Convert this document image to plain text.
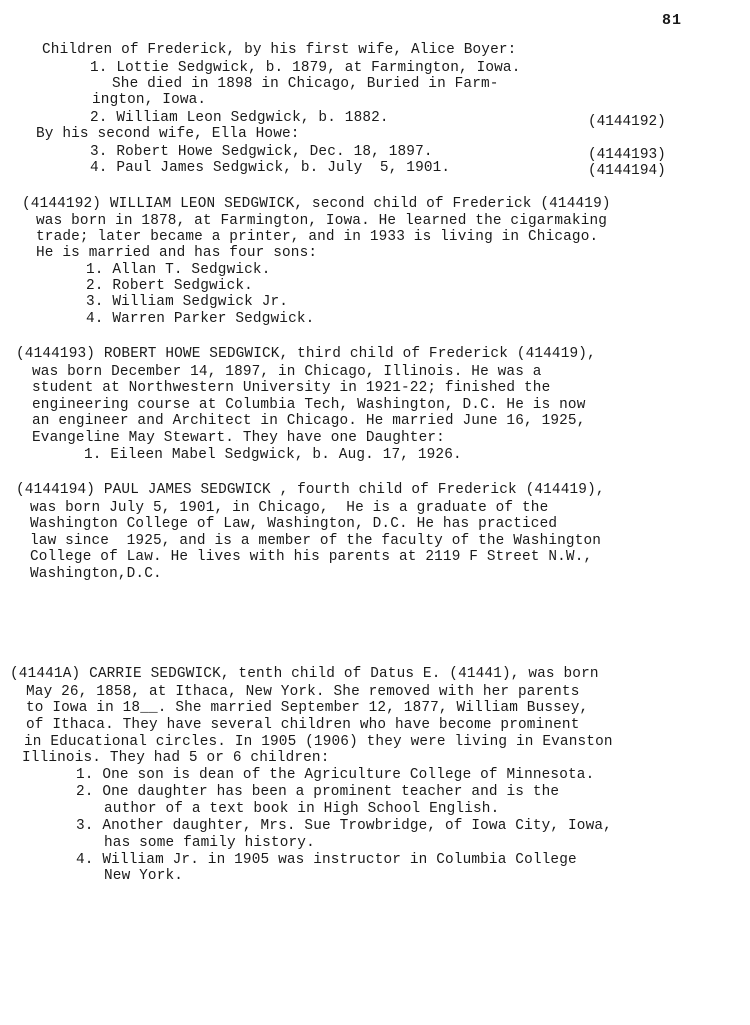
81
Children of Frederick, by his first wife, Alice Boyer:
1. Lottie Sedgwick, b. 1879, at Farmington, Iowa.
She died in 1898 in Chicago, Buried in Farm-
ington, Iowa.
2. William Leon Sedgwick, b. 1882.
By his second wife, Ella Howe:
3. Robert Howe Sedgwick, Dec. 18, 1897.
4. Paul James Sedgwick, b. July  5, 1901.
(4144192)
(4144193)
(4144194)
(4144192) WILLIAM LEON SEDGWICK, second child of Frederick (414419)
was born in 1878, at Farmington, Iowa. He learned the cigarmaking
trade; later became a printer, and in 1933 is living in Chicago.
He is married and has four sons:
1. Allan T. Sedgwick.
2. Robert Sedgwick.
3. William Sedgwick Jr.
4. Warren Parker Sedgwick.
(4144193) ROBERT HOWE SEDGWICK, third child of Frederick (414419),
was born December 14, 1897, in Chicago, Illinois. He was a
student at Northwestern University in 1921-22; finished the
engineering course at Columbia Tech, Washington, D.C. He is now
an engineer and Architect in Chicago. He married June 16, 1925,
Evangeline May Stewart. They have one Daughter:
1. Eileen Mabel Sedgwick, b. Aug. 17, 1926.
(4144194) PAUL JAMES SEDGWICK , fourth child of Frederick (414419),
was born July 5, 1901, in Chicago,  He is a graduate of the
Washington College of Law, Washington, D.C. He has practiced
law since  1925, and is a member of the faculty of the Washington
College of Law. He lives with his parents at 2119 F Street N.W.,
Washington,D.C.
(41441A) CARRIE SEDGWICK, tenth child of Datus E. (41441), was born
May 26, 1858, at Ithaca, New York. She removed with her parents
to Iowa in 18__. She married September 12, 1877, William Bussey,
of Ithaca. They have several children who have become prominent
in Educational circles. In 1905 (1906) they were living in Evanston
Illinois. They had 5 or 6 children:
1. One son is dean of the Agriculture College of Minnesota.
2. One daughter has been a prominent teacher and is the
author of a text book in High School English.
3. Another daughter, Mrs. Sue Trowbridge, of Iowa City, Iowa,
has some family history.
4. William Jr. in 1905 was instructor in Columbia College
New York.
